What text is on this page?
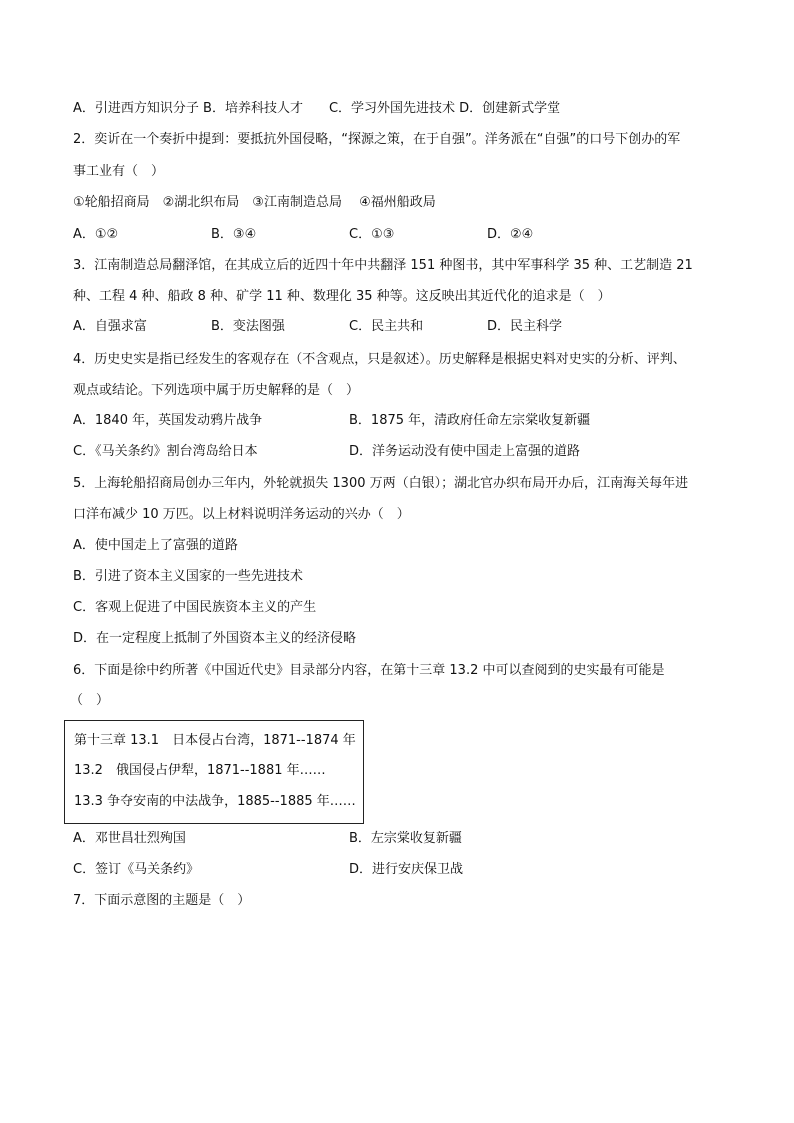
A．引进西方知识分子 B．培养科技人才　　C．学习外国先进技术 D．创建新式学堂
2．奕䜣在一个奏折中提到：要抵抗外国侵略，“探源之策，在于自强”。洋务派在“自强”的口号下创办的军
事工业有（　）
①轮船招商局　②湖北织布局　③江南制造总局　 ④福州船政局
A．①②	B．③④	C．①③	D．②④
3．江南制造总局翻泽馆，在其成立后的近四十年中共翻泽 151 种图书，其中军事科学 35 种、工艺制造 21
种、工程 4 种、船政 8 种、矿学 11 种、数理化 35 种等。这反映出其近代化的追求是（　）
A．自强求富	B．变法图强	C．民主共和	D．民主科学
4．历史史实是指已经发生的客观存在（不含观点，只是叙述）。历史解释是根据史料对史实的分析、评判、
观点或结论。下列选项中属于历史解释的是（　）
A．1840 年，英国发动鸦片战争	B．1875 年，清政府任命左宗棠收复新疆
C．《马关条约》割台湾岛给日本	D．洋务运动没有使中国走上富强的道路
5．上海轮船招商局创办三年内，外轮就损失 1300 万两（白银）；湖北官办织布局开办后，江南海关每年进
口洋布减少 10 万匹。以上材料说明洋务运动的兴办（　）
A．使中国走上了富强的道路
B．引进了资本主义国家的一些先进技术
C．客观上促进了中国民族资本主义的产生
D．在一定程度上抵制了外国资本主义的经济侵略
6．下面是徐中约所著《中国近代史》目录部分内容，在第十三章 13.2 中可以查阅到的史实最有可能是
（　）
第十三章 13.1　日本侵占台湾，1871--1874 年
13.2　俄国侵占伊犁，1871--1881 年……
13.3 争夺安南的中法战争，1885--1885 年……
A．邓世昌壮烈殉国	B．左宗棠收复新疆
C．签订《马关条约》	D．进行安庆保卫战
7．下面示意图的主题是（　）
